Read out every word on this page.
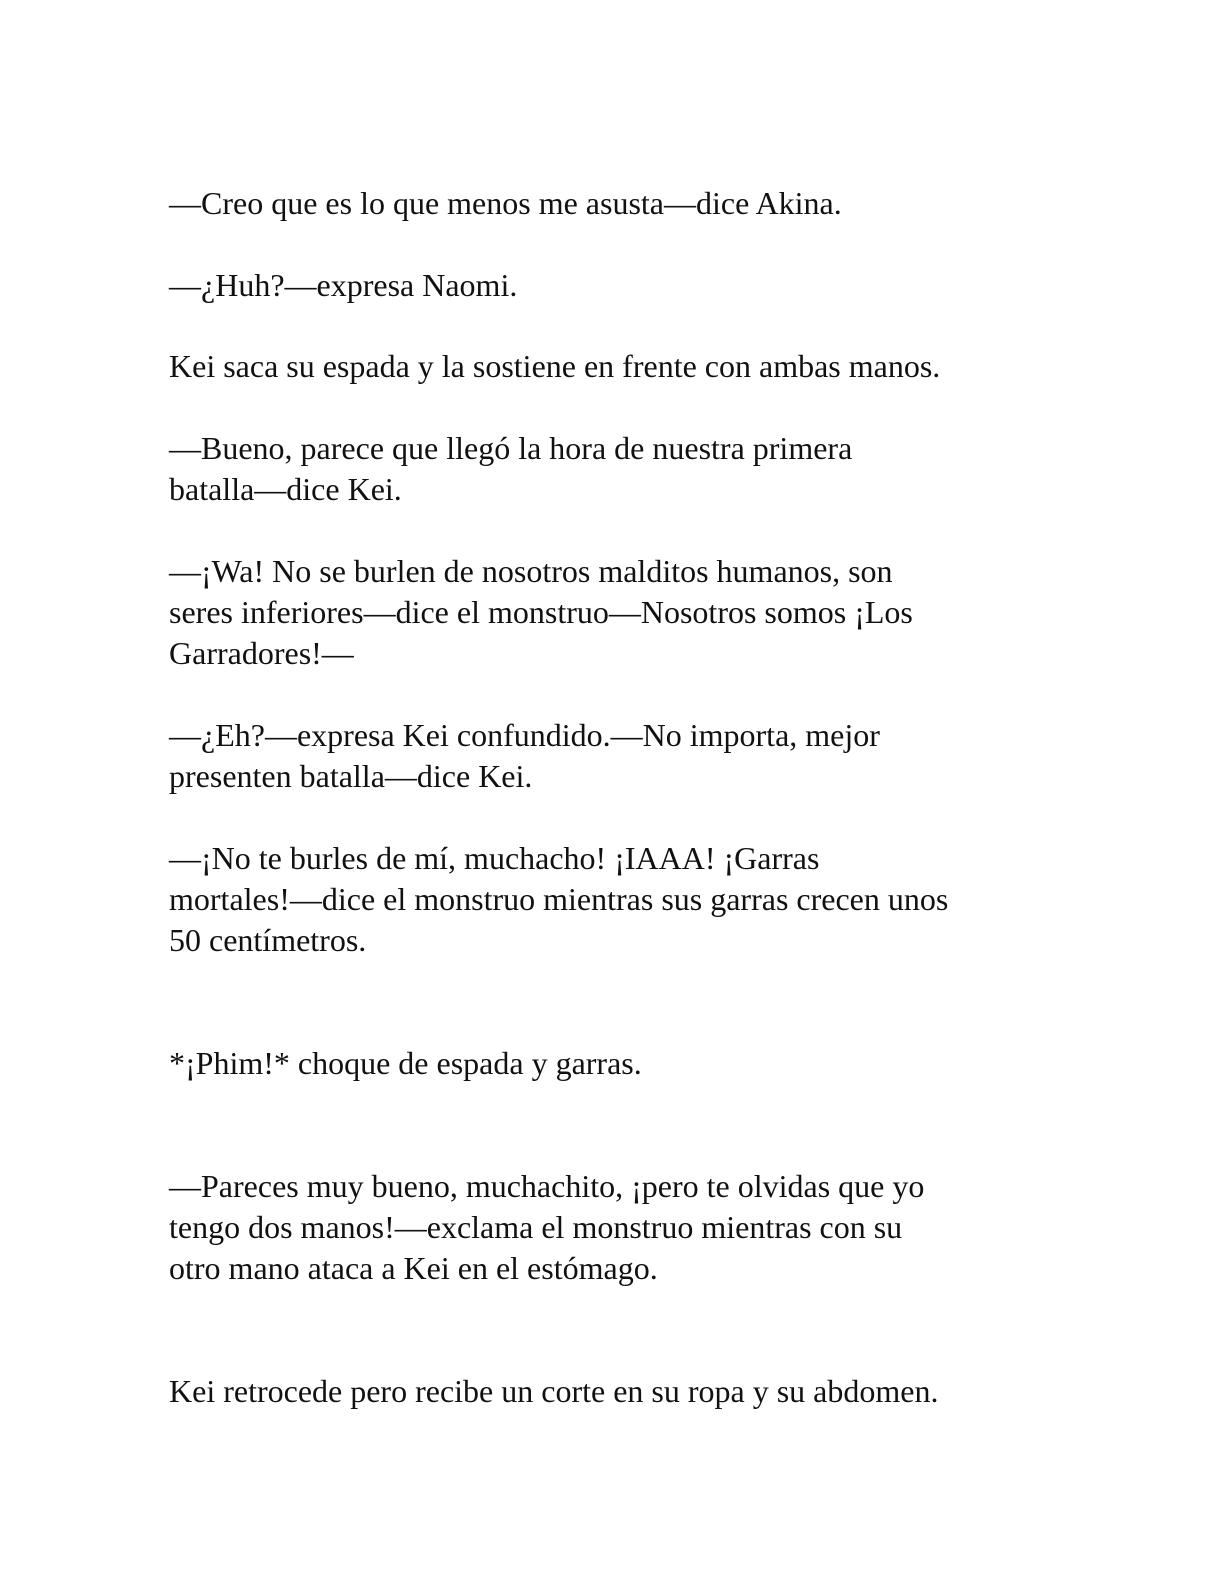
—Creo que es lo que menos me asusta—dice Akina.

—¿Huh?—expresa Naomi.

Kei saca su espada y la sostiene en frente con ambas manos.

—Bueno, parece que llegó la hora de nuestra primera
batalla—dice Kei.

—¡Wa! No se burlen de nosotros malditos humanos, son
seres inferiores—dice el monstruo—Nosotros somos ¡Los
Garradores!—

—¿Eh?—expresa Kei confundido.—No importa, mejor
presenten batalla—dice Kei.

—¡No te burles de mí, muchacho! ¡IAAA! ¡Garras
mortales!—dice el monstruo mientras sus garras crecen unos
50 centímetros.

*¡Phim!* choque de espada y garras.

—Pareces muy bueno, muchachito, ¡pero te olvidas que yo
tengo dos manos!—exclama el monstruo mientras con su
otro mano ataca a Kei en el estómago.

Kei retrocede pero recibe un corte en su ropa y su abdomen.
